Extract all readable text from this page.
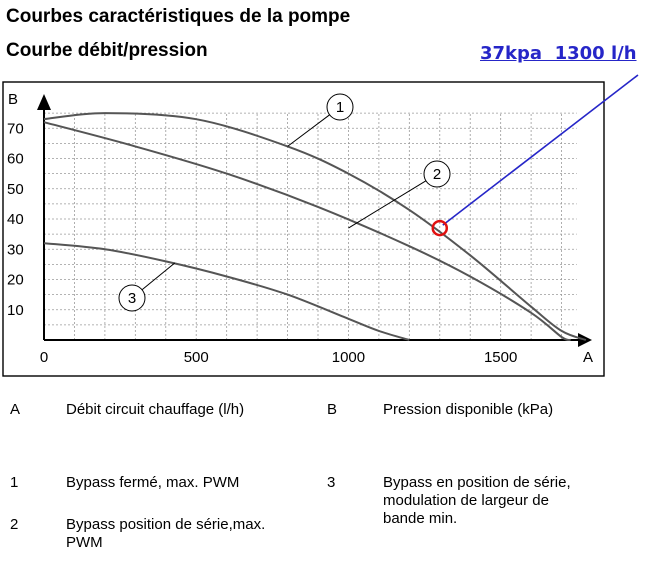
Courbes caractéristiques de la pompe
Courbe débit/pression	37kpa  1300 l/h
0	500	1000	1500
10
20
30
40
50
60
70
A
B	1
2
3
A	Débit circuit chauffage (l/h)	B	Pression disponible (kPa)
1	Bypass fermé, max. PWM	3	Bypass en position de série, modulation de largeur de bande min.
2	Bypass position de série,max. PWM
